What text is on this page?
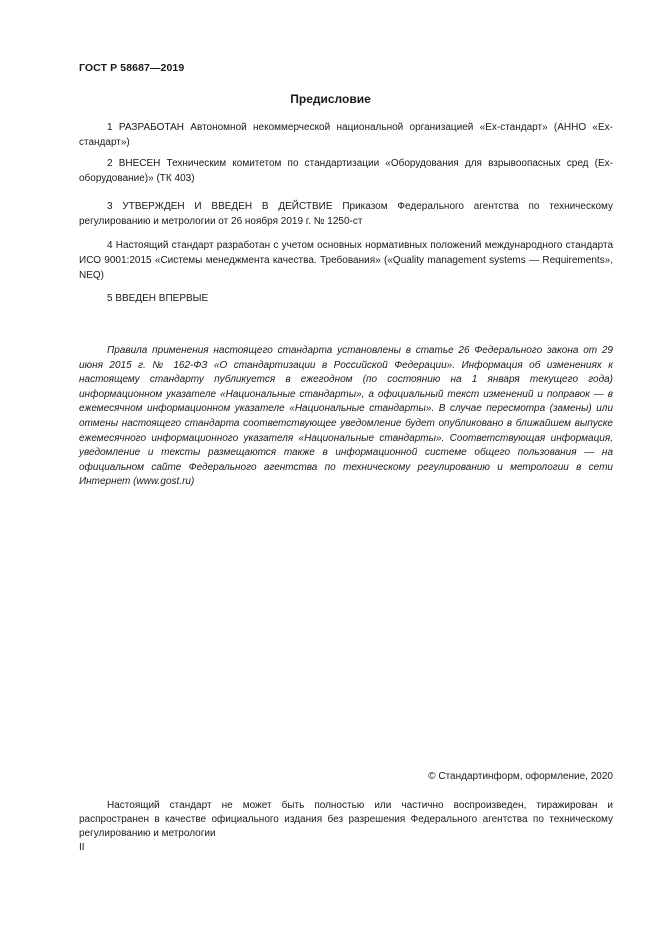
ГОСТ Р 58687—2019
Предисловие

1 РАЗРАБОТАН Автономной некоммерческой национальной организацией «Ех-стандарт» (АННО «Ех-стандарт»)

2 ВНЕСЕН Техническим комитетом по стандартизации «Оборудования для взрывоопасных сред (Ех-оборудование)» (ТК 403)

3 УТВЕРЖДЕН И ВВЕДЕН В ДЕЙСТВИЕ Приказом Федерального агентства по техническому регулированию и метрологии от 26 ноября 2019 г. № 1250-ст

4 Настоящий стандарт разработан с учетом основных нормативных положений международного стандарта ИСО 9001:2015 «Системы менеджмента качества. Требования» («Quality management systems — Requirements», NEQ)

5 ВВЕДЕН ВПЕРВЫЕ

Правила применения настоящего стандарта установлены в статье 26 Федерального закона от 29 июня 2015 г. № 162-ФЗ «О стандартизации в Российской Федерации». Информация об изменениях к настоящему стандарту публикуется в ежегодном (по состоянию на 1 января текущего года) информационном указателе «Национальные стандарты», а официальный текст изменений и поправок — в ежемесячном информационном указателе «Национальные стандарты». В случае пересмотра (замены) или отмены настоящего стандарта соответствующее уведомление будет опубликовано в ближайшем выпуске ежемесячного информационного указателя «Национальные стандарты». Соответствующая информация, уведомление и тексты размещаются также в информационной системе общего пользования — на официальном сайте Федерального агентства по техническому регулированию и метрологии в сети Интернет (www.gost.ru)

© Стандартинформ, оформление, 2020

Настоящий стандарт не может быть полностью или частично воспроизведен, тиражирован и распространен в качестве официального издания без разрешения Федерального агентства по техническому регулированию и метрологии

II
